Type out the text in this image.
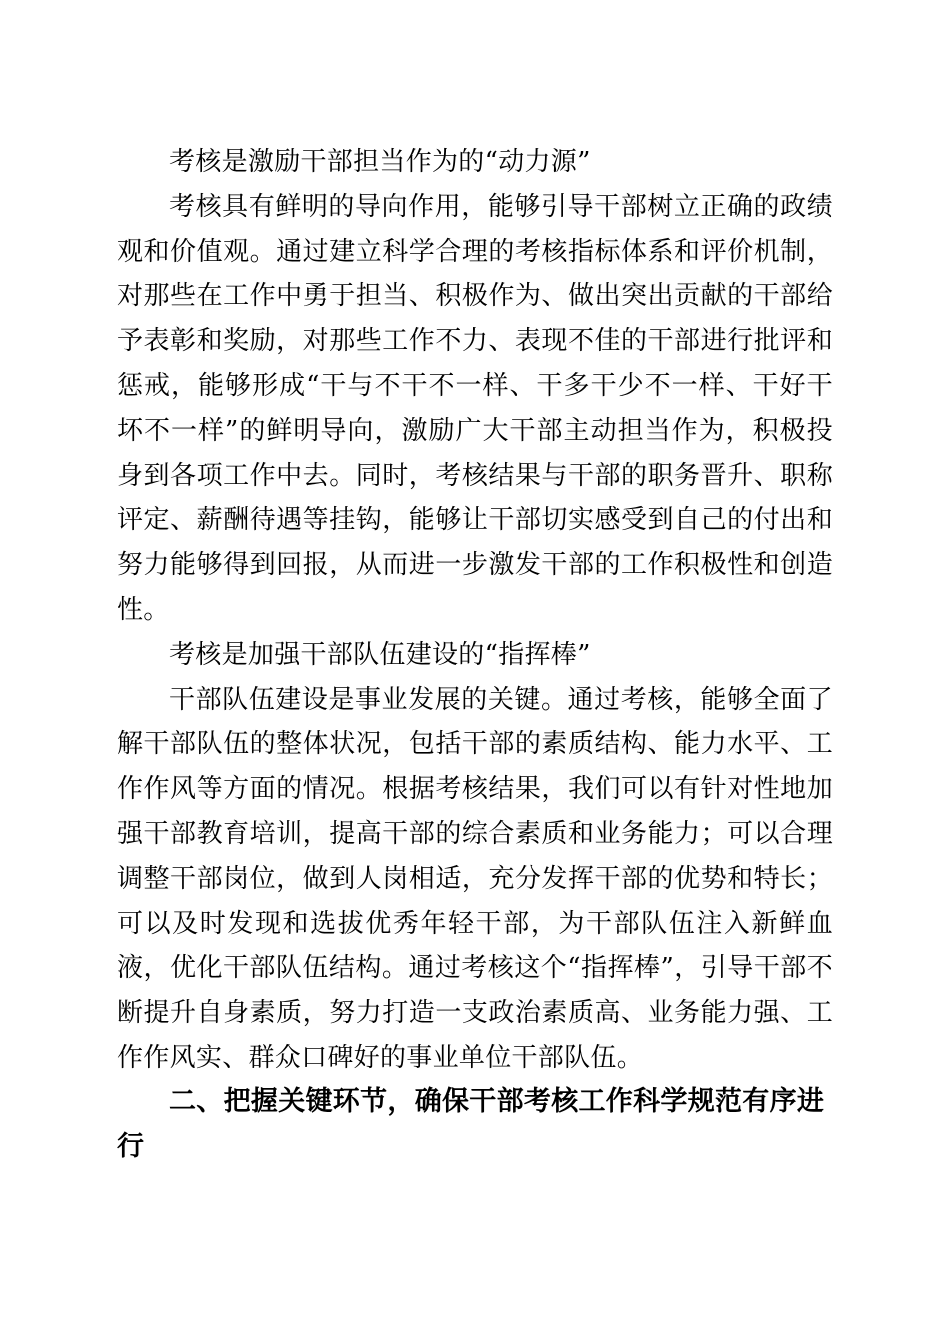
考核是激励干部担当作为的“动力源”

考核具有鲜明的导向作用，能够引导干部树立正确的政绩观和价值观。通过建立科学合理的考核指标体系和评价机制，对那些在工作中勇于担当、积极作为、做出突出贡献的干部给予表彰和奖励，对那些工作不力、表现不佳的干部进行批评和惩戒，能够形成“干与不干不一样、干多干少不一样、干好干坏不一样”的鲜明导向，激励广大干部主动担当作为，积极投身到各项工作中去。同时，考核结果与干部的职务晋升、职称评定、薪酬待遇等挂钩，能够让干部切实感受到自己的付出和努力能够得到回报，从而进一步激发干部的工作积极性和创造性。

考核是加强干部队伍建设的“指挥棒”

干部队伍建设是事业发展的关键。通过考核，能够全面了解干部队伍的整体状况，包括干部的素质结构、能力水平、工作作风等方面的情况。根据考核结果，我们可以有针对性地加强干部教育培训，提高干部的综合素质和业务能力；可以合理调整干部岗位，做到人岗相适，充分发挥干部的优势和特长；可以及时发现和选拔优秀年轻干部，为干部队伍注入新鲜血液，优化干部队伍结构。通过考核这个“指挥棒”，引导干部不断提升自身素质，努力打造一支政治素质高、业务能力强、工作作风实、群众口碑好的事业单位干部队伍。

二、把握关键环节，确保干部考核工作科学规范有序进行
